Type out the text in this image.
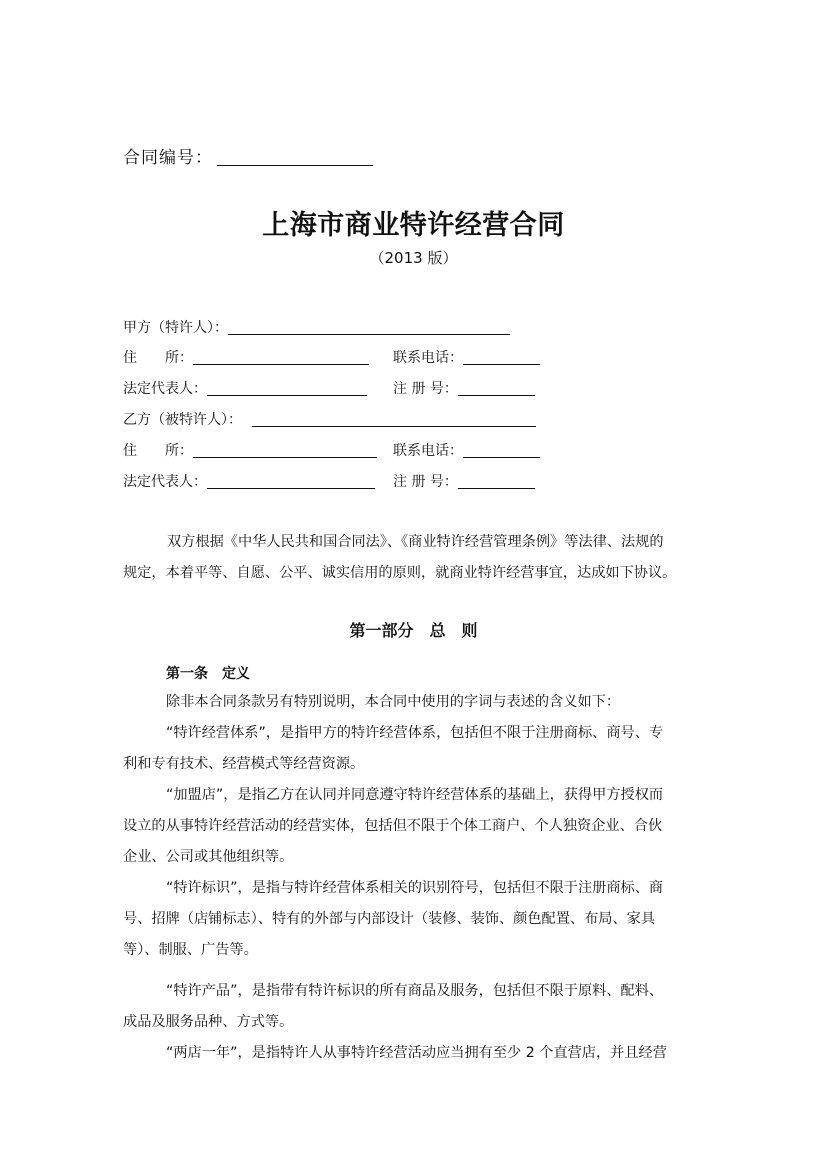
合同编号：
上海市商业特许经营合同
（2013 版）
甲方（特许人）：
住　　所：	联系电话：
法定代表人：	注 册 号：
乙方（被特许人）：
住　　所：	联系电话：
法定代表人：	注 册 号：
双方根据《中华人民共和国合同法》、《商业特许经营管理条例》等法律、法规的
规定，本着平等、自愿、公平、诚实信用的原则，就商业特许经营事宜，达成如下协议。
第一部分　总　则
第一条　定义
除非本合同条款另有特别说明，本合同中使用的字词与表述的含义如下：
“特许经营体系”，是指甲方的特许经营体系，包括但不限于注册商标、商号、专
利和专有技术、经营模式等经营资源。
“加盟店”，是指乙方在认同并同意遵守特许经营体系的基础上，获得甲方授权而
设立的从事特许经营活动的经营实体，包括但不限于个体工商户、个人独资企业、合伙
企业、公司或其他组织等。
“特许标识”，是指与特许经营体系相关的识别符号，包括但不限于注册商标、商
号、招牌（店铺标志）、特有的外部与内部设计（装修、装饰、颜色配置、布局、家具
等）、制服、广告等。
“特许产品”，是指带有特许标识的所有商品及服务，包括但不限于原料、配料、
成品及服务品种、方式等。
“两店一年”，是指特许人从事特许经营活动应当拥有至少 2 个直营店，并且经营
